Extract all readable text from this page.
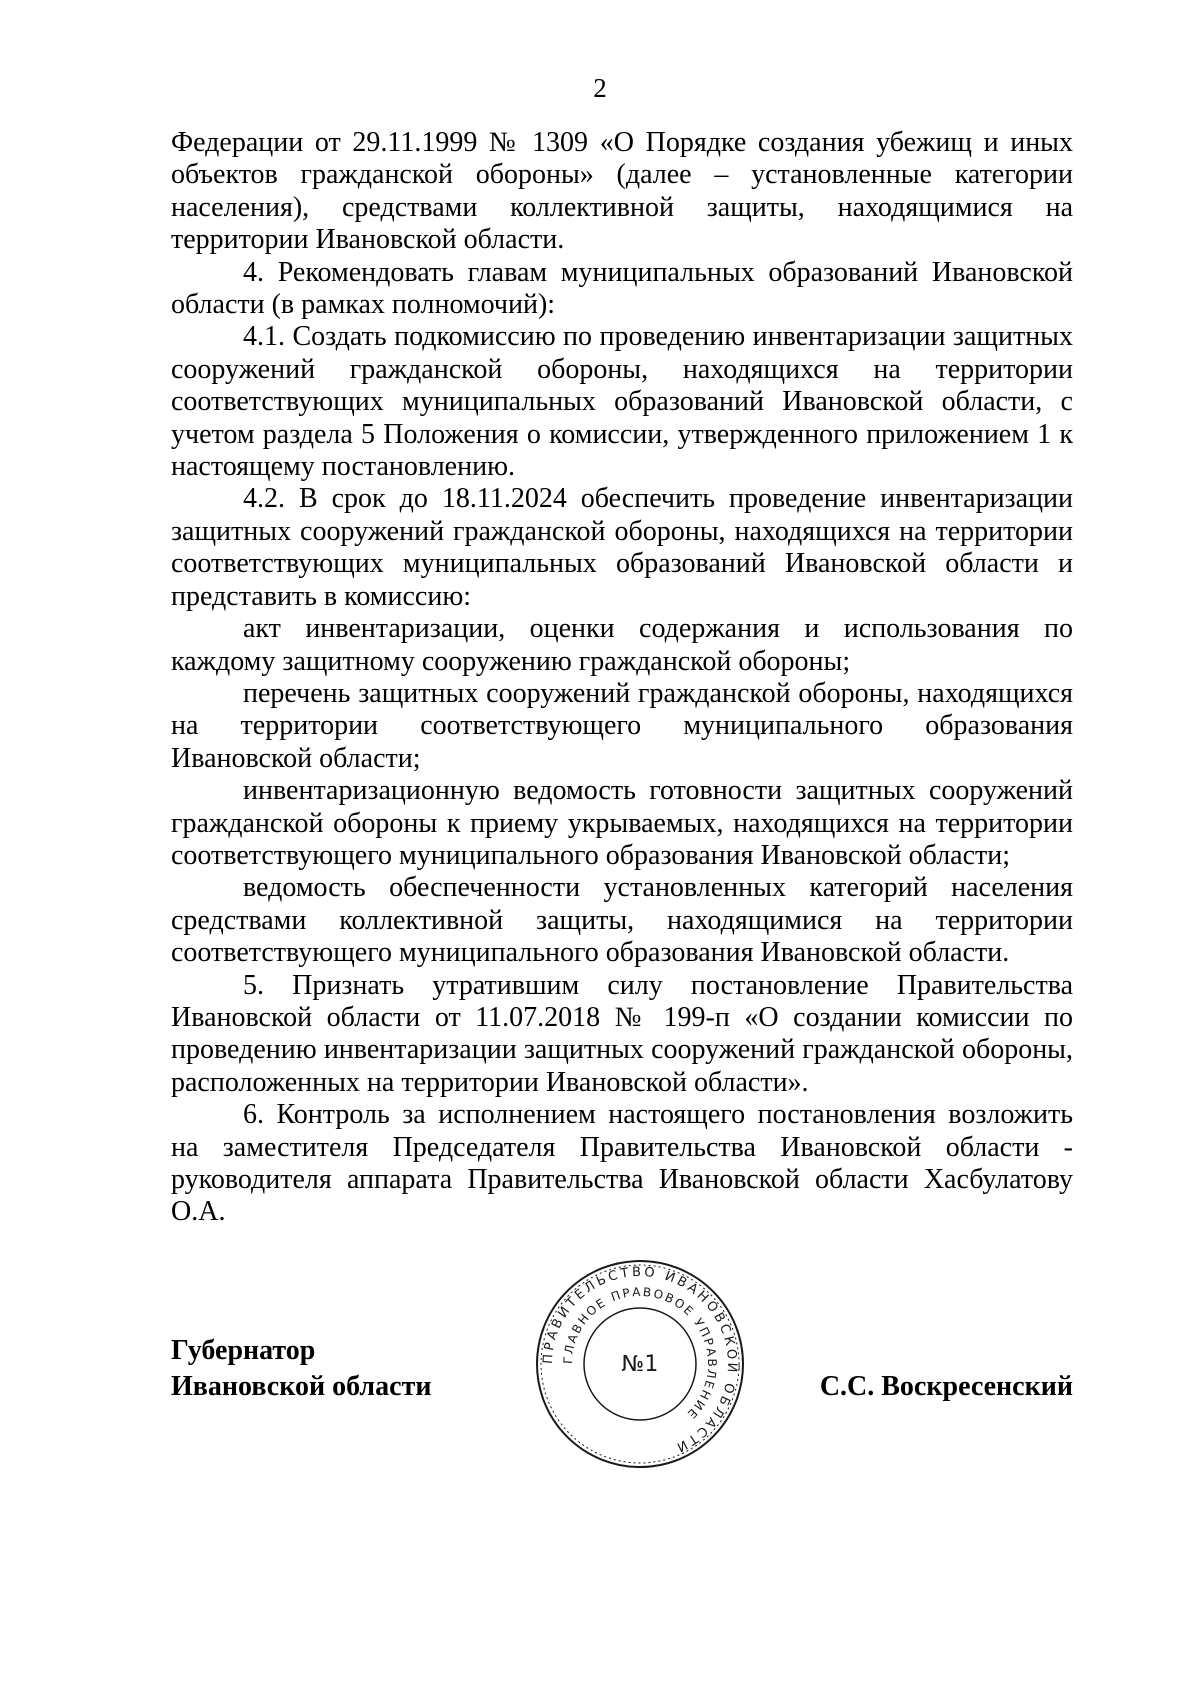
2

Федерации от 29.11.1999 № 1309 «О Порядке создания убежищ и иных объектов гражданской обороны» (далее – установленные категории населения), средствами коллективной защиты, находящимися на территории Ивановской области.

4. Рекомендовать главам муниципальных образований Ивановской области (в рамках полномочий):

4.1. Создать подкомиссию по проведению инвентаризации защитных сооружений гражданской обороны, находящихся на территории соответствующих муниципальных образований Ивановской области, с учетом раздела 5 Положения о комиссии, утвержденного приложением 1 к настоящему постановлению.

4.2. В срок до 18.11.2024 обеспечить проведение инвентаризации защитных сооружений гражданской обороны, находящихся на территории соответствующих муниципальных образований Ивановской области и представить в комиссию:

акт инвентаризации, оценки содержания и использования по каждому защитному сооружению гражданской обороны;

перечень защитных сооружений гражданской обороны, находящихся на территории соответствующего муниципального образования Ивановской области;

инвентаризационную ведомость готовности защитных сооружений гражданской обороны к приему укрываемых, находящихся на территории соответствующего муниципального образования Ивановской области;

ведомость обеспеченности установленных категорий населения средствами коллективной защиты, находящимися на территории соответствующего муниципального образования Ивановской области.

5. Признать утратившим силу постановление Правительства Ивановской области от 11.07.2018 № 199-п «О создании комиссии по проведению инвентаризации защитных сооружений гражданской обороны, расположенных на территории Ивановской области».

6. Контроль за исполнением настоящего постановления возложить на заместителя Председателя Правительства Ивановской области - руководителя аппарата Правительства Ивановской области Хасбулатову О.А.

ПРАВИТЕЛЬСТВО ИВАНОВСКОЙ ОБЛАСТИ
ГЛАВНОЕ ПРАВОВОЕ УПРАВЛЕНИЕ
№1
Губернатор
Ивановской области	С.С. Воскресенский
